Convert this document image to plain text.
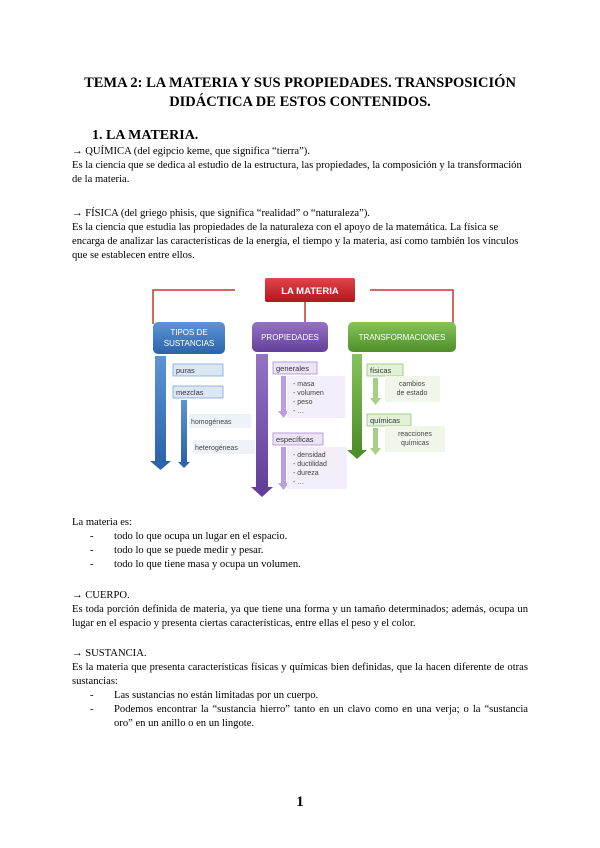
TEMA 2: LA MATERIA Y SUS PROPIEDADES. TRANSPOSICIÓN
DIDÁCTICA DE ESTOS CONTENIDOS.
1. LA MATERIA.
→ QUÍMICA (del egipcio keme, que significa “tierra”).
Es la ciencia que se dedica al estudio de la estructura, las propiedades, la composición y la transformación de la materia.
→ FÍSICA (del griego phisis, que significa “realidad” o “naturaleza”).
Es la ciencia que estudia las propiedades de la naturaleza con el apoyo de la matemática. La física se encarga de analizar las características de la energía, el tiempo y la materia, así como también los vínculos que se establecen entre ellos.
LA MATERIA
TIPOS DE
SUSTANCIAS
puras
mezclas
homogéneas
heterogéneas
PROPIEDADES
generales
- masa
- volumen
- peso
- …
específicas
- densidad
- ductilidad
- dureza
- …
TRANSFORMACIONES
físicas
cambios
de estado
químicas
reacciones
químicas
La materia es:
-	todo lo que ocupa un lugar en el espacio.
-	todo lo que se puede medir y pesar.
-	todo lo que tiene masa y ocupa un volumen.
→ CUERPO.
Es toda porción definida de materia, ya que tiene una forma y un tamaño determinados; además, ocupa un lugar en el espacio y presenta ciertas características, entre ellas el peso y el color.
→ SUSTANCIA.
Es la materia que presenta características físicas y químicas bien definidas, que la hacen diferente de otras sustancias:
-	Las sustancias no están limitadas por un cuerpo.
-	Podemos encontrar la “sustancia hierro” tanto en un clavo como en una verja; o la “sustancia oro” en un anillo o en un lingote.
1
